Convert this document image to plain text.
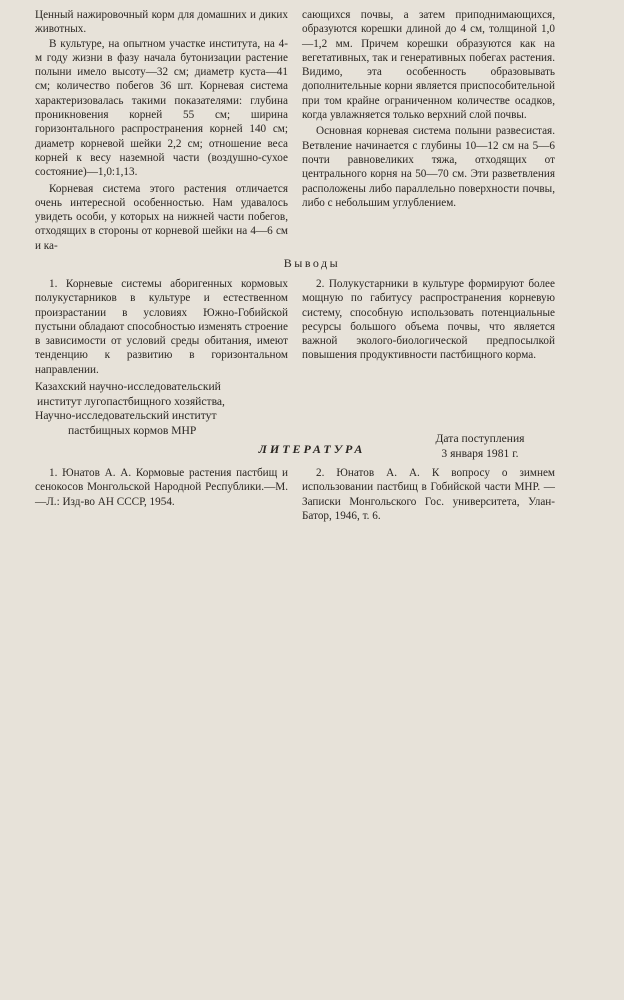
Ценный нажировочный корм для домашних и диких животных.

В культуре, на опытном участке института, на 4-м году жизни в фазу начала бутонизации растение полыни имело высоту—32 см; диаметр куста—41 см; количество побегов 36 шт. Корневая система характеризовалась такими показателями: глубина проникновения корней 55 см; ширина горизонтального распространения корней 140 см; диаметр корневой шейки 2,2 см; отношение веса корней к весу наземной части (воздушно-сухое состояние)—1,0:1,13.

Корневая система этого растения отличается очень интересной особенностью. Нам удавалось увидеть особи, у которых на нижней части побегов, отходящих в стороны от корневой шейки на 4—6 см и ка-

сающихся почвы, а затем приподнимающихся, образуются корешки длиной до 4 см, толщиной 1,0—1,2 мм. Причем корешки образуются как на вегетативных, так и генеративных побегах растения. Видимо, эта особенность образовывать дополнительные корни является приспособительной при том крайне ограниченном количестве осадков, когда увлажняется только верхний слой почвы.

Основная корневая система полыни развесистая. Ветвление начинается с глубины 10—12 см на 5—6 почти равновеликих тяжа, отходящих от центрального корня на 50—70 см. Эти разветвления расположены либо параллельно поверхности почвы, либо с небольшим углублением.

Выводы

1. Корневые системы аборигенных кормовых полукустарников в культуре и естественном произрастании в условиях Южно-Гобийской пустыни обладают способностью изменять строение в зависимости от условий среды обитания, имеют тенденцию к развитию в горизонтальном направлении.

2. Полукустарники в культуре формируют более мощную по габитусу распространения корневую систему, способную использовать потенциальные ресурсы большого объема почвы, что является важной эколого-биологической предпосылкой повышения продуктивности пастбищного корма.

Казахский научно-исследовательский

институт лугопастбищного хозяйства,

Научно-исследовательский институт

пастбищных кормов МНР

Дата поступления

3 января 1981 г.

ЛИТЕРАТУРА

1. Юнатов А. А. Кормовые растения пастбищ и сенокосов Монгольской Народной Республики.—М.—Л.: Изд-во АН СССР, 1954.

2. Юнатов А. А. К вопросу о зимнем использовании пастбищ в Гобийской части МНР. — Записки Монгольского Гос. университета, Улан-Батор, 1946, т. 6.
